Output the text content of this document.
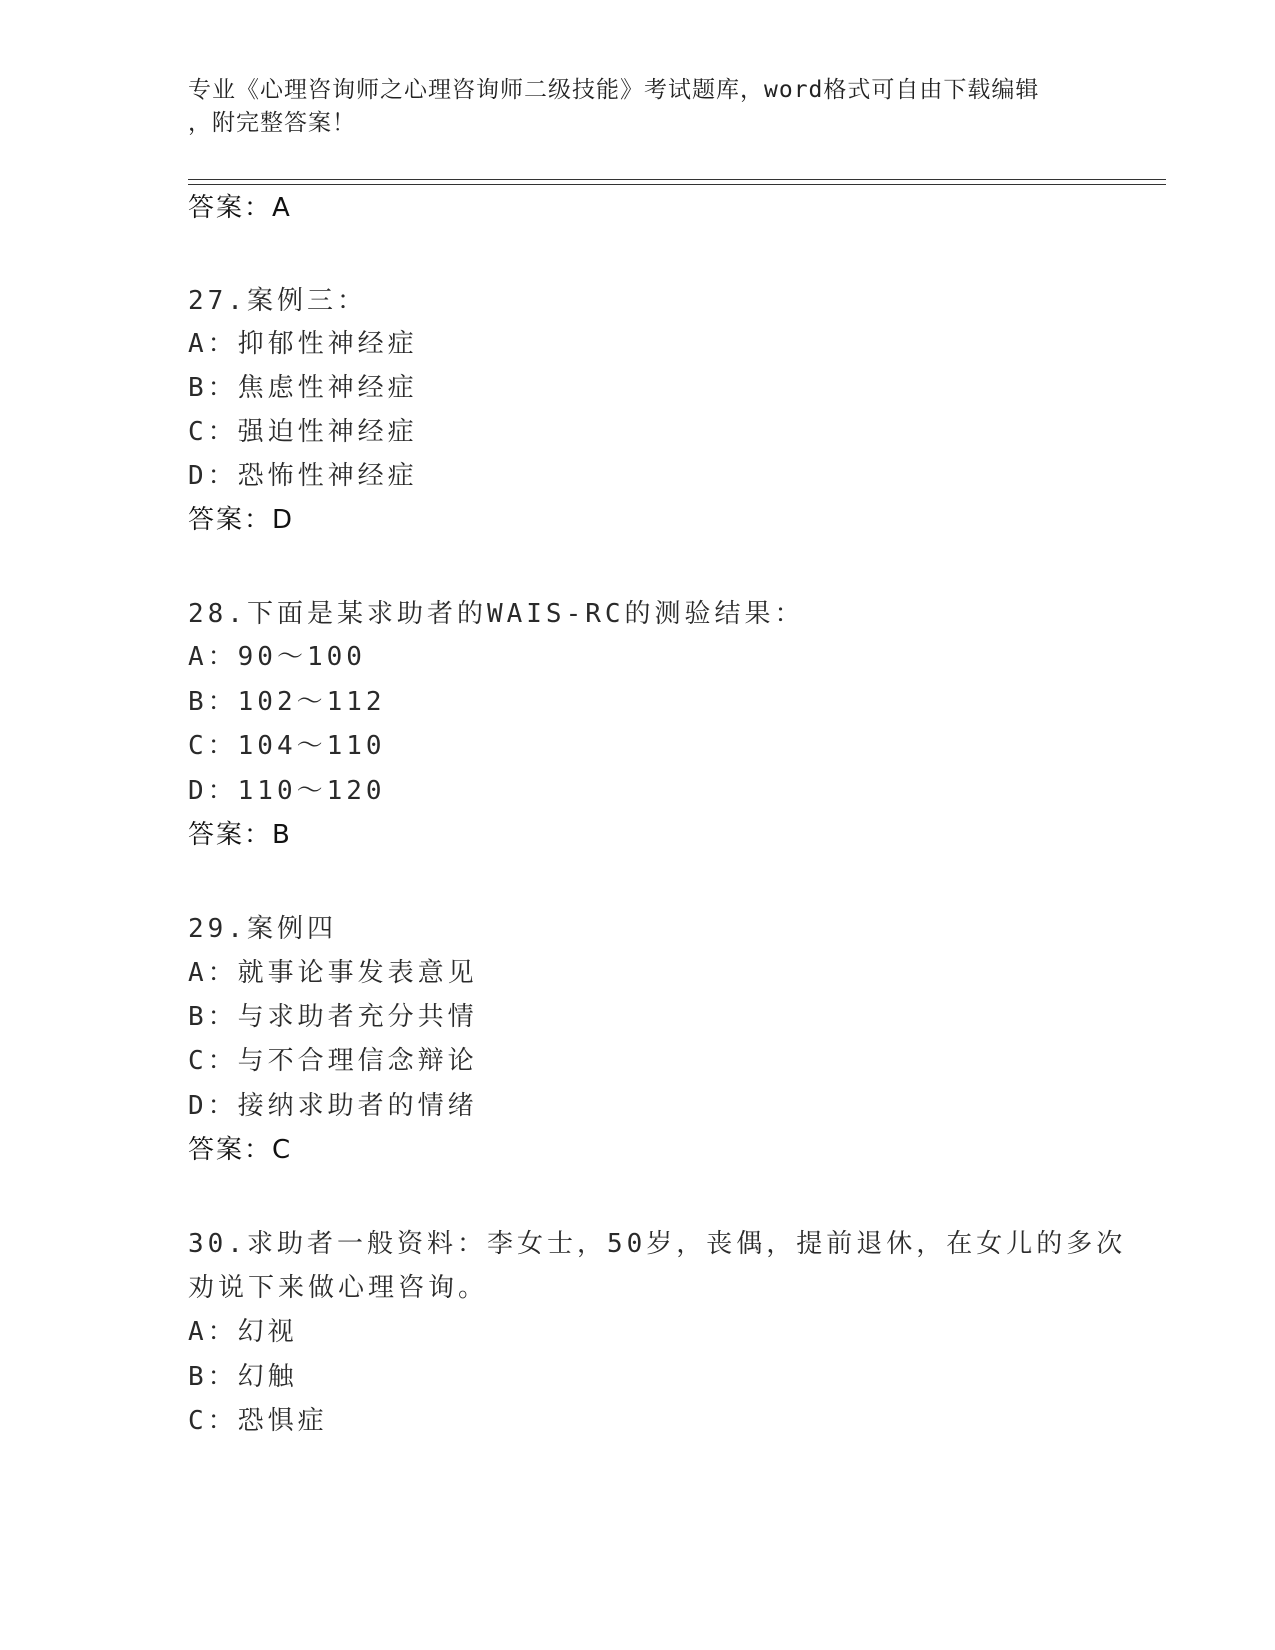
专业《心理咨询师之心理咨询师二级技能》考试题库，word格式可自由下载编辑
，附完整答案！
答案：A
27.案例三：
A：抑郁性神经症
B：焦虑性神经症
C：强迫性神经症
D：恐怖性神经症
答案：D
28.下面是某求助者的WAIS-RC的测验结果：
A：90～100
B：102～112
C：104～110
D：110～120
答案：B
29.案例四
A：就事论事发表意见
B：与求助者充分共情
C：与不合理信念辩论
D：接纳求助者的情绪
答案：C
30.求助者一般资料：李女士，50岁，丧偶，提前退休，在女儿的多次
劝说下来做心理咨询。
A：幻视
B：幻触
C：恐惧症
